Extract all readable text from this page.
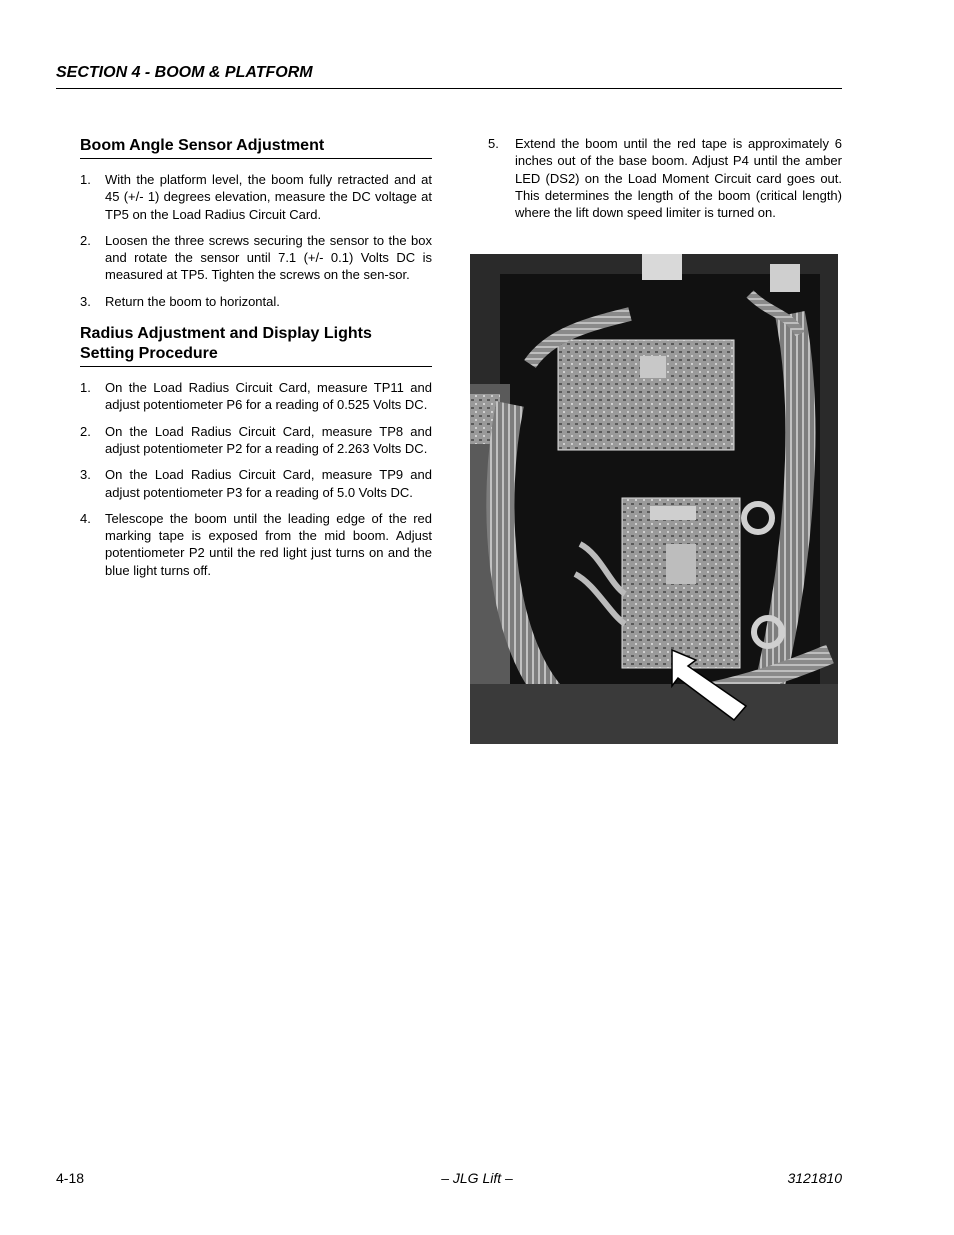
SECTION 4 - BOOM & PLATFORM
Boom Angle Sensor Adjustment
1. With the platform level, the boom fully retracted and at 45 (+/- 1) degrees elevation, measure the DC voltage at TP5 on the Load Radius Circuit Card.
2. Loosen the three screws securing the sensor to the box and rotate the sensor until 7.1 (+/- 0.1) Volts DC is measured at TP5. Tighten the screws on the sen-sor.
3. Return the boom to horizontal.
Radius Adjustment and Display Lights
Setting Procedure
1. On the Load Radius Circuit Card, measure TP11 and adjust potentiometer P6 for a reading of 0.525 Volts DC.
2. On the Load Radius Circuit Card, measure TP8 and adjust potentiometer P2 for a reading of 2.263 Volts DC.
3. On the Load Radius Circuit Card, measure TP9 and adjust potentiometer P3 for a reading of 5.0 Volts DC.
4. Telescope the boom until the leading edge of the red marking tape is exposed from the mid boom. Adjust potentiometer P2 until the red light just turns on and the blue light turns off.
5. Extend the boom until the red tape is approximately 6 inches out of the base boom. Adjust P4 until the amber LED (DS2) on the Load Moment Circuit card goes out. This determines the length of the boom (critical length) where the lift down speed limiter is turned on.
4-18	– JLG Lift –	3121810
